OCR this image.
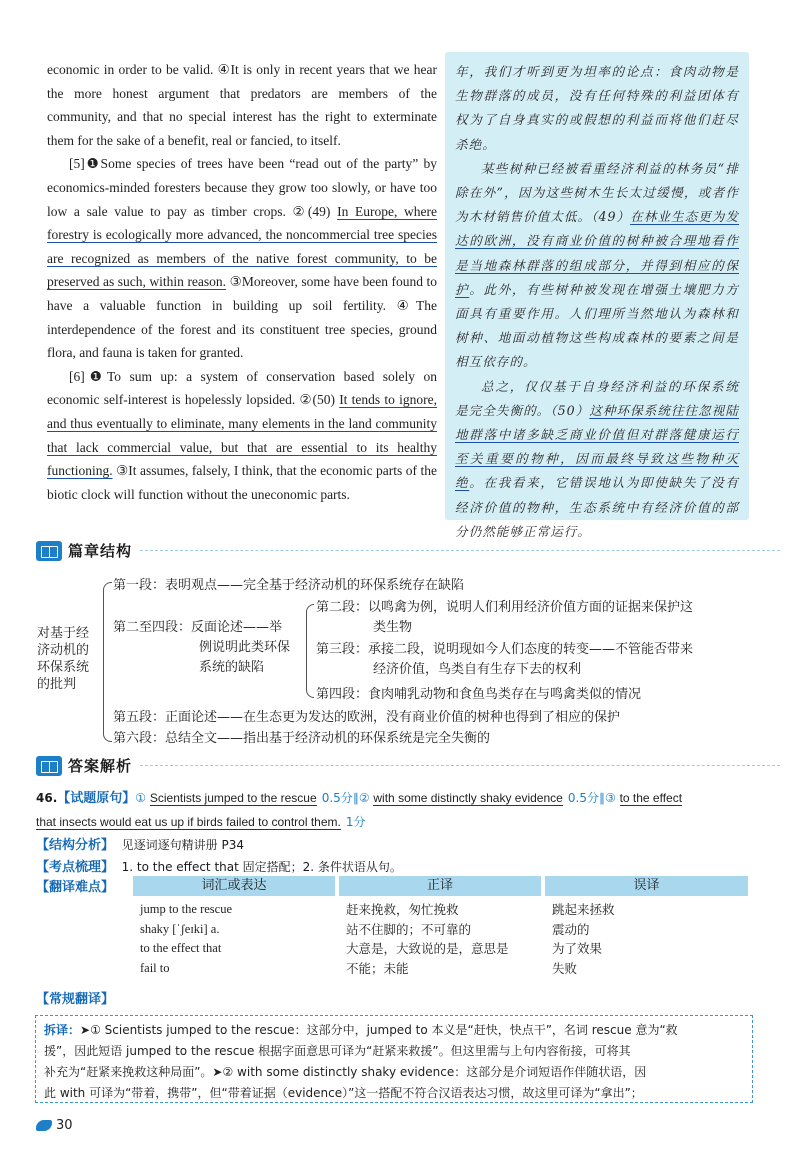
economic in order to be valid. ④It is only in recent years that we hear the more honest argument that predators are members of the community, and that no special interest has the right to exterminate them for the sake of a benefit, real or fancied, to itself.

[5]❶Some species of trees have been “read out of the party” by economics-minded foresters because they grow too slowly, or have too low a sale value to pay as timber crops. ②(49) In Europe, where forestry is ecologically more advanced, the noncommercial tree species are recognized as members of the native forest community, to be preserved as such, within reason. ③Moreover, some have been found to have a valuable function in building up soil fertility. ④The interdependence of the forest and its constituent tree species, ground flora, and fauna is taken for granted.

[6]❶To sum up: a system of conservation based solely on economic self-interest is hopelessly lopsided. ②(50) It tends to ignore, and thus eventually to eliminate, many elements in the land community that lack commercial value, but that are essential to its healthy functioning. ③It assumes, falsely, I think, that the economic parts of the biotic clock will function without the uneconomic parts.

年，我们才听到更为坦率的论点：食肉动物是生物群落的成员，没有任何特殊的利益团体有权为了自身真实的或假想的利益而将他们赶尽杀绝。

某些树种已经被看重经济利益的林务员“排除在外”，因为这些树木生长太过缓慢，或者作为木材销售价值太低。（49）在林业生态更为发达的欧洲，没有商业价值的树种被合理地看作是当地森林群落的组成部分，并得到相应的保护。此外，有些树种被发现在增强土壤肥力方面具有重要作用。人们理所当然地认为森林和树种、地面动植物这些构成森林的要素之间是相互依存的。

总之，仅仅基于自身经济利益的环保系统是完全失衡的。（50）这种环保系统往往忽视陆地群落中诸多缺乏商业价值但对群落健康运行至关重要的物种，因而最终导致这些物种灭绝。在我看来，它错误地认为即使缺失了没有经济价值的物种，生态系统中有经济价值的部分仍然能够正常运行。

篇章结构
对基于经
济动机的
环保系统
的批判
第一段：表明观点——完全基于经济动机的环保系统存在缺陷
第二至四段：反面论述——举
例说明此类环保
系统的缺陷
第二段：以鸣禽为例，说明人们利用经济价值方面的证据来保护这
类生物
第三段：承接二段，说明现如今人们态度的转变——不管能否带来
经济价值，鸟类自有生存下去的权利
第四段：食肉哺乳动物和食鱼鸟类存在与鸣禽类似的情况
第五段：正面论述——在生态更为发达的欧洲，没有商业价值的树种也得到了相应的保护
第六段：总结全文——指出基于经济动机的环保系统是完全失衡的
答案解析
46.【试题原句】① Scientists jumped to the rescue 0.5分∥② with some distinctly shaky evidence 0.5分∥③ to the effect
that insects would eat us up if birds failed to control them. 1分
【结构分析】 见逐词逐句精讲册 P34
【考点梳理】 1. to the effect that 固定搭配；2. 条件状语从句。
【翻译难点】	词汇或表达	正译	误译
jump to the rescue	赶来挽救，匆忙挽救	跳起来拯救
shaky [ˈʃeɪki] a.	站不住脚的；不可靠的	震动的
to the effect that	大意是，大致说的是，意思是	为了效果
fail to	不能；未能	失败
【常规翻译】
拆译：➤① Scientists jumped to the rescue：这部分中，jumped to 本义是“赶快，快点干”，名词 rescue 意为“救
援”，因此短语 jumped to the rescue 根据字面意思可译为“赶紧来救援”。但这里需与上句内容衔接，可将其
补充为“赶紧来挽救这种局面”。➤② with some distinctly shaky evidence：这部分是介词短语作伴随状语，因
此 with 可译为“带着，携带”，但“带着证据（evidence）”这一搭配不符合汉语表达习惯，故这里可译为“拿出”；
30
